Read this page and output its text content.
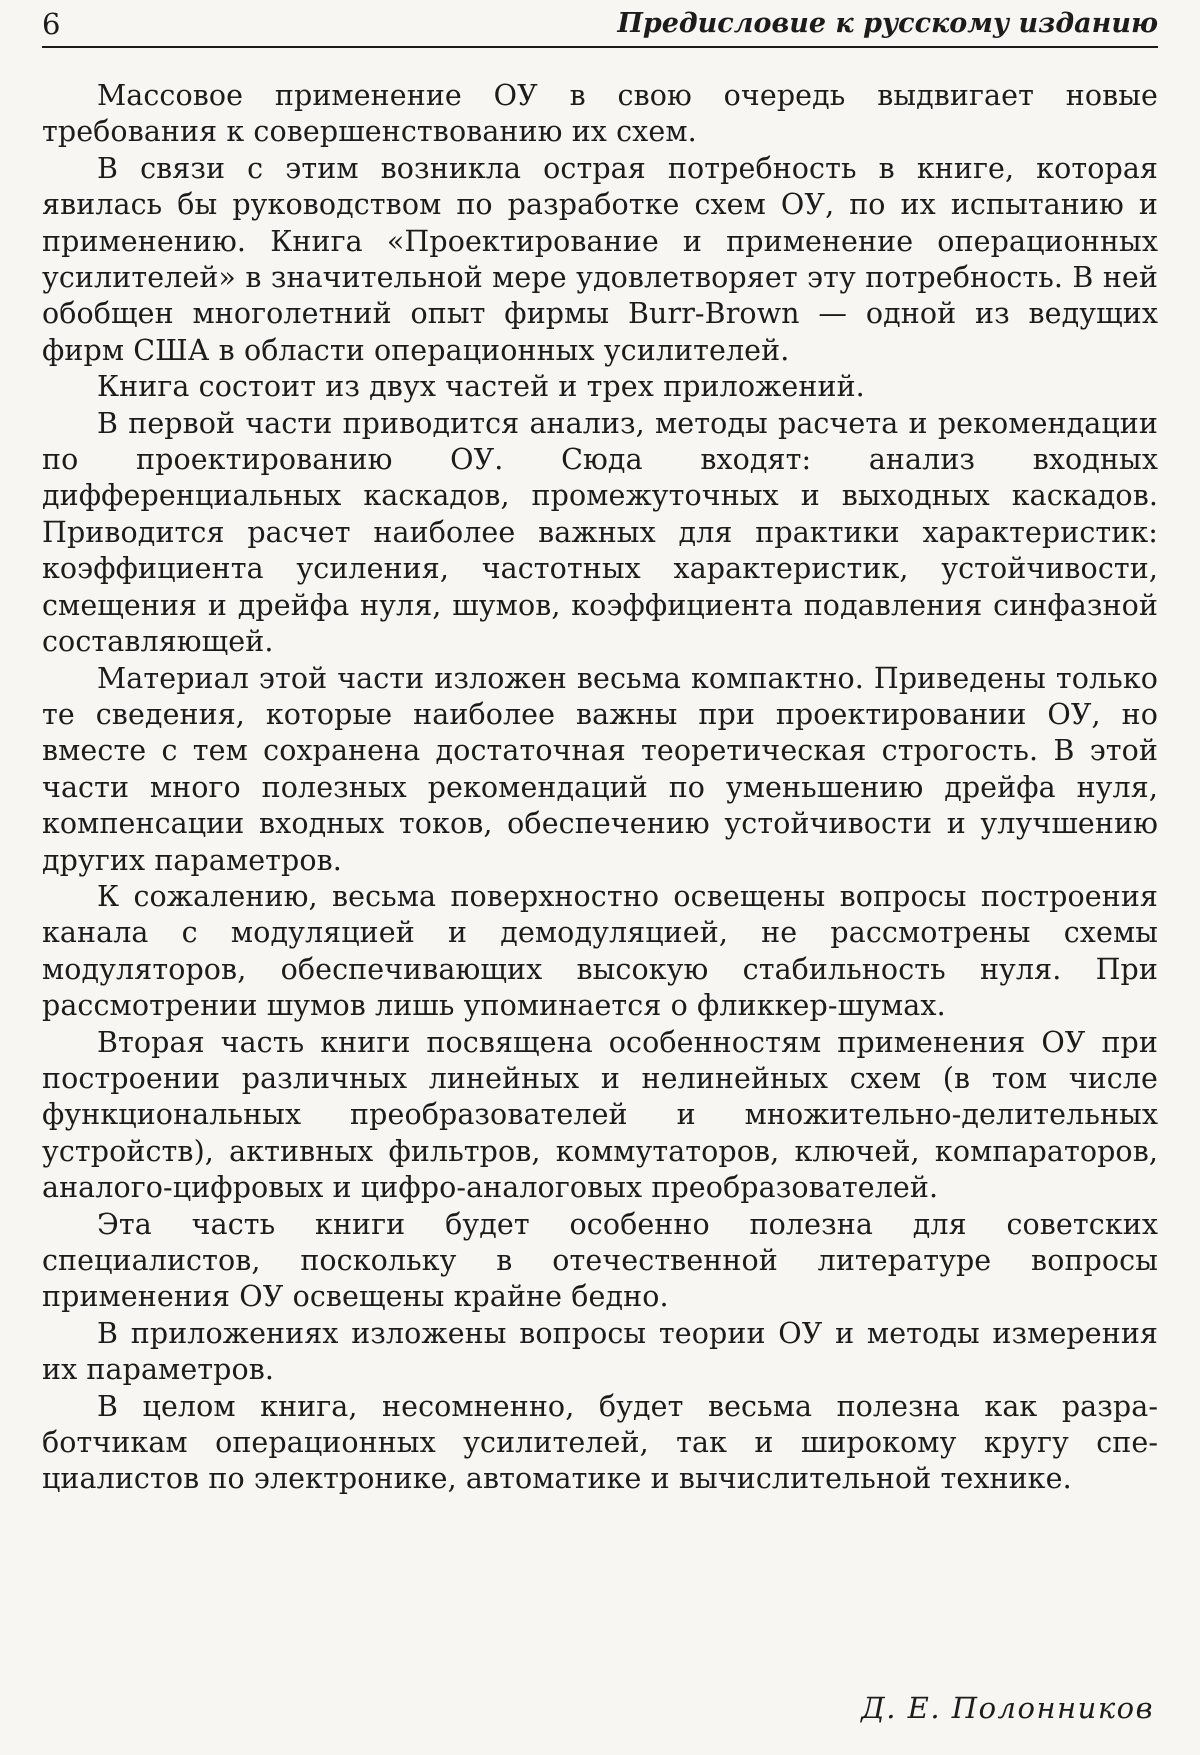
6	Предисловие к русскому изданию

Массовое применение ОУ в свою очередь выдвигает новые требования к совершенствованию их схем.

В связи с этим возникла острая потребность в книге, которая явилась бы руководством по разработке схем ОУ, по их испытанию и применению. Книга «Проектирование и применение операционных усилителей» в значительной мере удовлетворяет эту потребность. В ней обобщен многолетний опыт фирмы Burr-Brown — одной из ведущих фирм США в области операционных усилителей.

Книга состоит из двух частей и трех приложений.

В первой части приводится анализ, методы расчета и рекомендации по проектированию ОУ. Сюда входят: анализ входных дифференциальных каскадов, промежуточных и выходных каскадов. Приводится расчет наиболее важных для практики характеристик: коэффициента усиления, частотных характеристик, устойчивости, смещения и дрейфа нуля, шумов, коэффициента подавления синфазной составляющей.

Материал этой части изложен весьма компактно. Приведены только те сведения, которые наиболее важны при проектировании ОУ, но вместе с тем сохранена достаточная теоретическая строгость. В этой части много полезных рекомендаций по уменьшению дрейфа нуля, компенсации входных токов, обеспечению устойчивости и улучшению других параметров.

К сожалению, весьма поверхностно освещены вопросы построения канала с модуляцией и демодуляцией, не рассмотрены схемы модуляторов, обеспечивающих высокую стабильность нуля. При рассмотрении шумов лишь упоминается о фликкер-шумах.

Вторая часть книги посвящена особенностям применения ОУ при построении различных линейных и нелинейных схем (в том числе функциональных преобразователей и множительно-делительных устройств), активных фильтров, коммутаторов, ключей, компараторов, аналого-цифровых и цифро-аналоговых преобразователей.

Эта часть книги будет особенно полезна для советских специалистов, поскольку в отечественной литературе вопросы применения ОУ освещены крайне бедно.

В приложениях изложены вопросы теории ОУ и методы измерения их параметров.

В целом книга, несомненно, будет весьма полезна как разработчикам операционных усилителей, так и широкому кругу специалистов по электронике, автоматике и вычислительной технике.

Д. Е. Полонников
